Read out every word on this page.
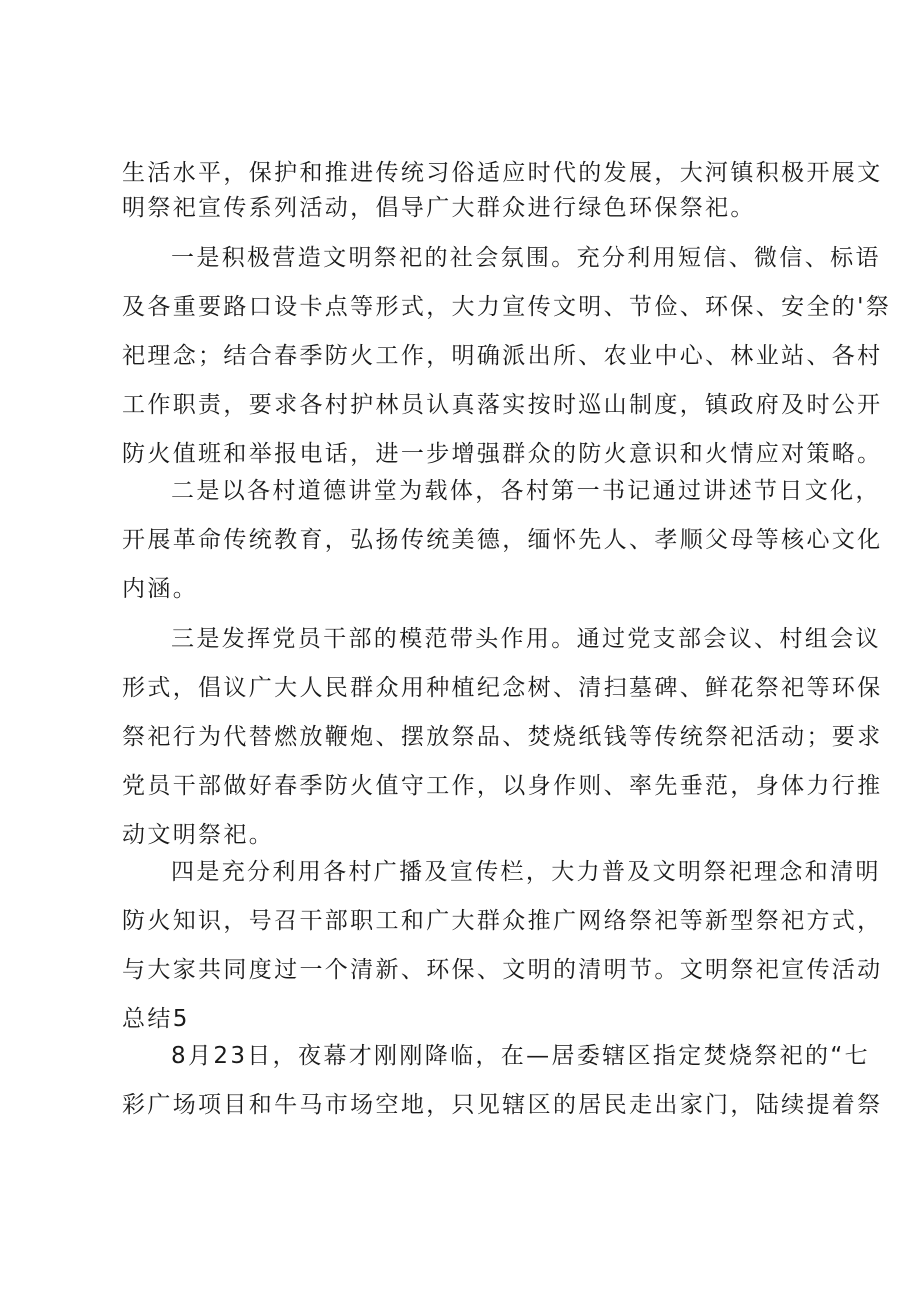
生活水平，保护和推进传统习俗适应时代的发展，大河镇积极开展文
明祭祀宣传系列活动，倡导广大群众进行绿色环保祭祀。
一是积极营造文明祭祀的社会氛围。充分利用短信、微信、标语
及各重要路口设卡点等形式，大力宣传文明、节俭、环保、安全的'祭
祀理念；结合春季防火工作，明确派出所、农业中心、林业站、各村
工作职责，要求各村护林员认真落实按时巡山制度，镇政府及时公开
防火值班和举报电话，进一步增强群众的防火意识和火情应对策略。
二是以各村道德讲堂为载体，各村第一书记通过讲述节日文化，
开展革命传统教育，弘扬传统美德，缅怀先人、孝顺父母等核心文化
内涵。
三是发挥党员干部的模范带头作用。通过党支部会议、村组会议
形式，倡议广大人民群众用种植纪念树、清扫墓碑、鲜花祭祀等环保
祭祀行为代替燃放鞭炮、摆放祭品、焚烧纸钱等传统祭祀活动；要求
党员干部做好春季防火值守工作，以身作则、率先垂范，身体力行推
动文明祭祀。
四是充分利用各村广播及宣传栏，大力普及文明祭祀理念和清明
防火知识，号召干部职工和广大群众推广网络祭祀等新型祭祀方式，
与大家共同度过一个清新、环保、文明的清明节。文明祭祀宣传活动
总结5
8月23日，夜幕才刚刚降临，在—居委辖区指定焚烧祭祀的“七
彩广场项目和牛马市场空地，只见辖区的居民走出家门，陆续提着祭
